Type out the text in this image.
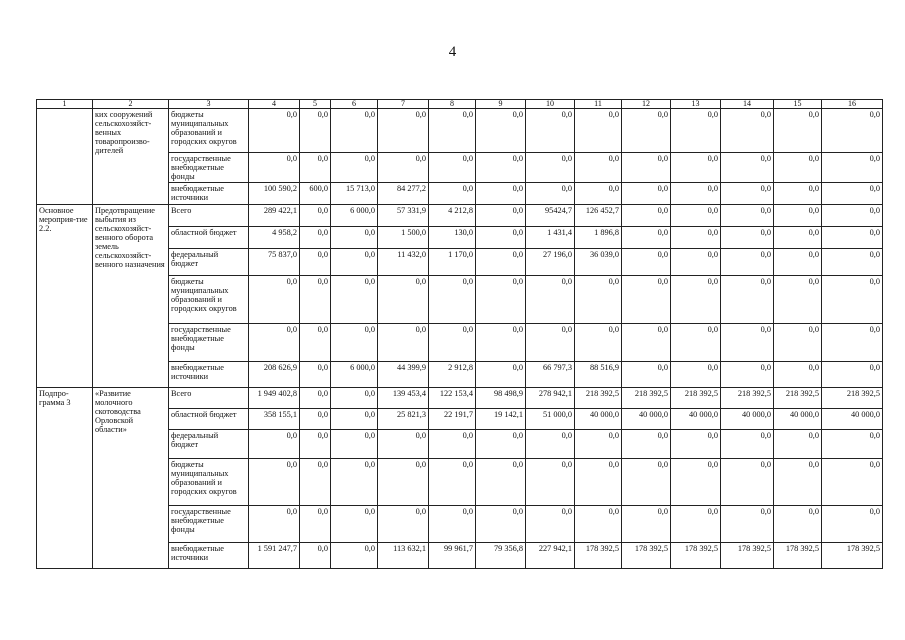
4
1	2	3	4	5	6	7	8	9	10	11	12	13	14	15	16
	ких сооружений сельскохозяйст-венных товаропроизво-дителей	бюджеты муниципальных образований и городских округов	0,0	0,0	0,0	0,0	0,0	0,0	0,0	0,0	0,0	0,0	0,0	0,0	0,0
		государственные внебюджетные фонды	0,0	0,0	0,0	0,0	0,0	0,0	0,0	0,0	0,0	0,0	0,0	0,0	0,0
		внебюджетные источники	100 590,2	600,0	15 713,0	84 277,2	0,0	0,0	0,0	0,0	0,0	0,0	0,0	0,0	0,0
Основное мероприя-тие 2.2.	Предотвращение выбытия из сельскохозяйст-венного оборота земель сельскохозяйст-венного назначения	Всего	289 422,1	0,0	6 000,0	57 331,9	4 212,8	0,0	95424,7	126 452,7	0,0	0,0	0,0	0,0	0,0
		областной бюджет	4 958,2	0,0	0,0	1 500,0	130,0	0,0	1 431,4	1 896,8	0,0	0,0	0,0	0,0	0,0
		федеральный бюджет	75 837,0	0,0	0,0	11 432,0	1 170,0	0,0	27 196,0	36 039,0	0,0	0,0	0,0	0,0	0,0
		бюджеты муниципальных образований и городских округов	0,0	0,0	0,0	0,0	0,0	0,0	0,0	0,0	0,0	0,0	0,0	0,0	0,0
		государственные внебюджетные фонды	0,0	0,0	0,0	0,0	0,0	0,0	0,0	0,0	0,0	0,0	0,0	0,0	0,0
		внебюджетные источники	208 626,9	0,0	6 000,0	44 399,9	2 912,8	0,0	66 797,3	88 516,9	0,0	0,0	0,0	0,0	0,0
Подпро-грамма 3	«Развитие молочного скотоводства Орловской области»	Всего	1 949 402,8	0,0	0,0	139 453,4	122 153,4	98 498,9	278 942,1	218 392,5	218 392,5	218 392,5	218 392,5	218 392,5	218 392,5
		областной бюджет	358 155,1	0,0	0,0	25 821,3	22 191,7	19 142,1	51 000,0	40 000,0	40 000,0	40 000,0	40 000,0	40 000,0	40 000,0
		федеральный бюджет	0,0	0,0	0,0	0,0	0,0	0,0	0,0	0,0	0,0	0,0	0,0	0,0	0,0
		бюджеты муниципальных образований и городских округов	0,0	0,0	0,0	0,0	0,0	0,0	0,0	0,0	0,0	0,0	0,0	0,0	0,0
		государственные внебюджетные фонды	0,0	0,0	0,0	0,0	0,0	0,0	0,0	0,0	0,0	0,0	0,0	0,0	0,0
		внебюджетные источники	1 591 247,7	0,0	0,0	113 632,1	99 961,7	79 356,8	227 942,1	178 392,5	178 392,5	178 392,5	178 392,5	178 392,5	178 392,5
